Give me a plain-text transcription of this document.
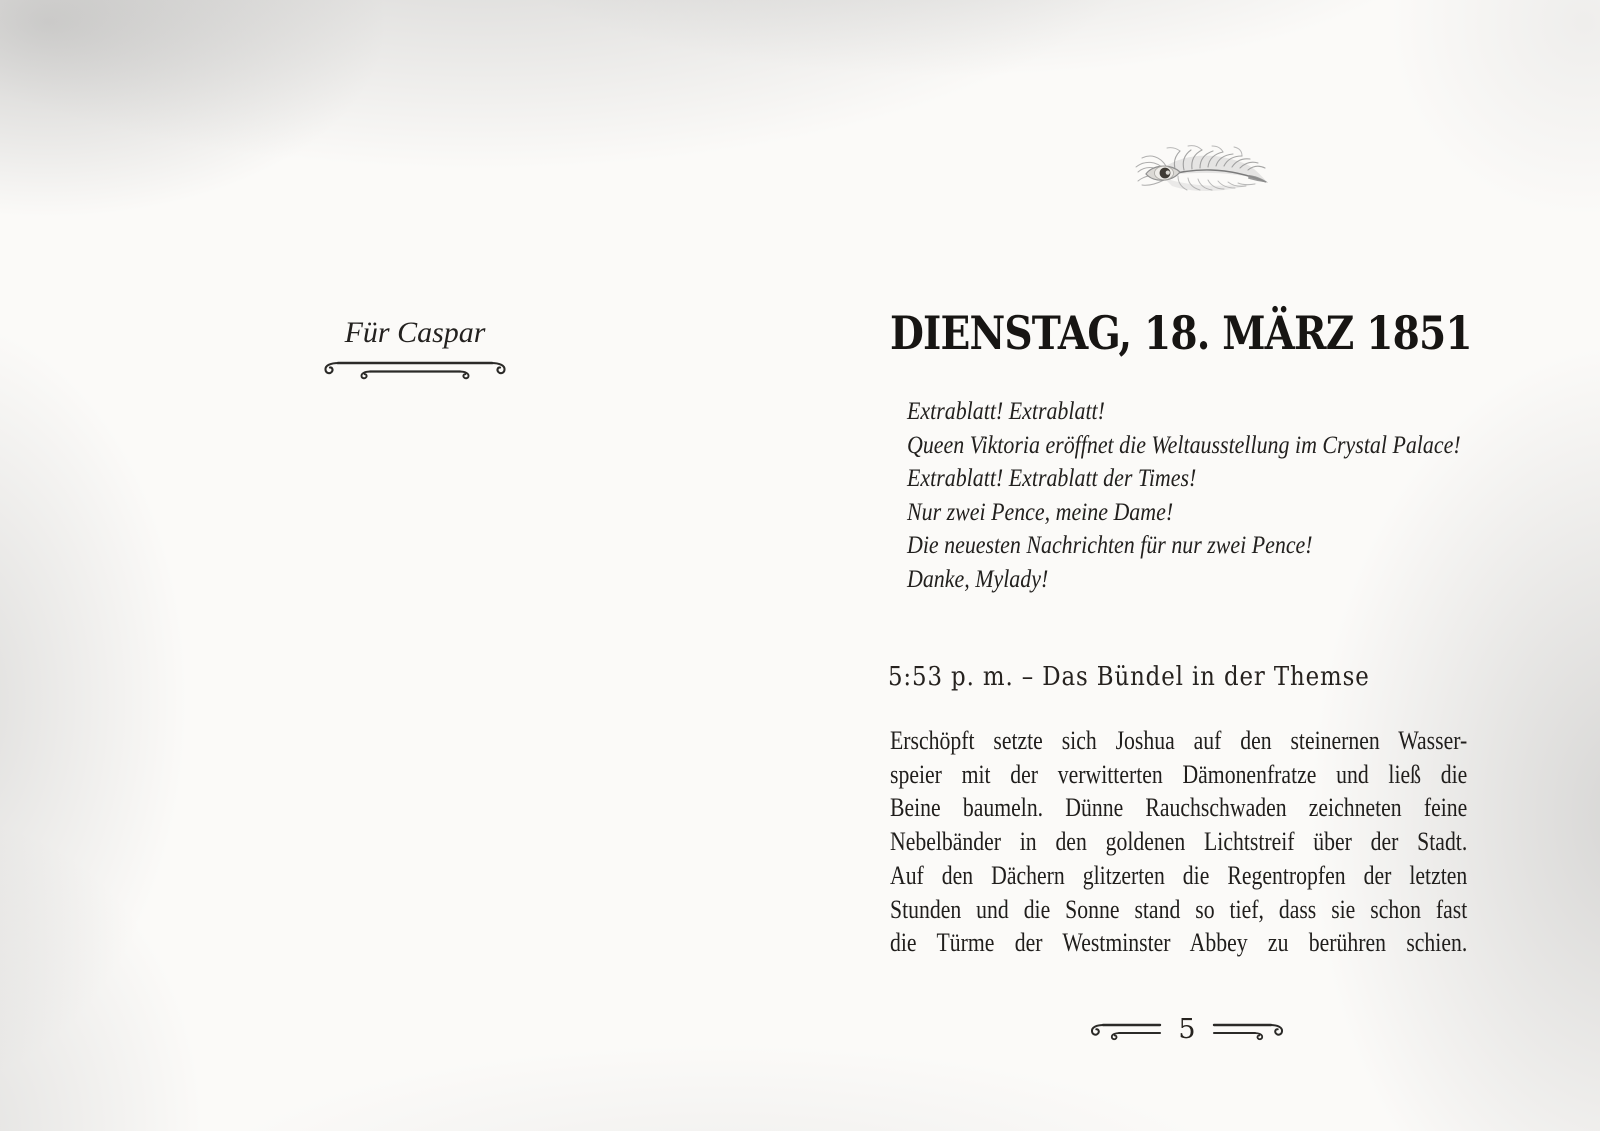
Für Caspar	DIENSTAG, 18. MÄRZ 1851
Extrablatt! Extrablatt!
Queen Viktoria eröffnet die Weltausstellung im Crystal Palace!
Extrablatt! Extrablatt der Times!
Nur zwei Pence, meine Dame!
Die neuesten Nachrichten für nur zwei Pence!
Danke, Mylady!
5:53 p. m. – Das Bündel in der Themse
Erschöpft setzte sich Joshua auf den steinernen Wasser-
speier mit der verwitterten Dämonenfratze und ließ die
Beine baumeln. Dünne Rauchschwaden zeichneten feine
Nebelbänder in den goldenen Lichtstreif über der Stadt.
Auf den Dächern glitzerten die Regentropfen der letzten
Stunden und die Sonne stand so tief, dass sie schon fast
die Türme der Westminster Abbey zu berühren schien.
5
